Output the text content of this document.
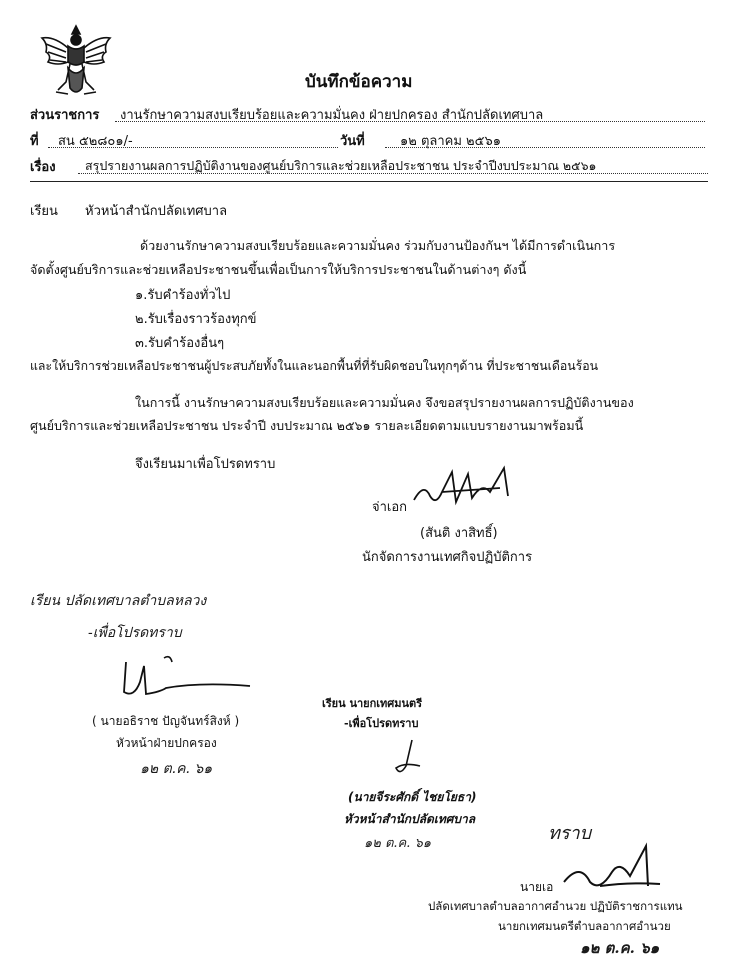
บันทึกข้อความ
ส่วนราชการ งานรักษาความสงบเรียบร้อยและความมั่นคง ฝ่ายปกครอง สำนักปลัดเทศบาล
ที่ สน ๕๒๘๐๑/-	วันที่	๑๒ ตุลาคม ๒๕๖๑
เรื่อง สรุปรายงานผลการปฏิบัติงานของศูนย์บริการและช่วยเหลือประชาชน ประจำปีงบประมาณ ๒๕๖๑
เรียน หัวหน้าสำนักปลัดเทศบาล
ด้วยงานรักษาความสงบเรียบร้อยและความมั่นคง ร่วมกับงานป้องกันฯ ได้มีการดำเนินการ
จัดตั้งศูนย์บริการและช่วยเหลือประชาชนขึ้นเพื่อเป็นการให้บริการประชาชนในด้านต่างๆ ดังนี้
๑.รับคำร้องทั่วไป
๒.รับเรื่องราวร้องทุกข์
๓.รับคำร้องอื่นๆ
และให้บริการช่วยเหลือประชาชนผู้ประสบภัยทั้งในและนอกพื้นที่ที่รับผิดชอบในทุกๆด้าน ที่ประชาชนเดือนร้อน
ในการนี้ งานรักษาความสงบเรียบร้อยและความมั่นคง จึงขอสรุปรายงานผลการปฏิบัติงานของ
ศูนย์บริการและช่วยเหลือประชาชน ประจำปี งบประมาณ ๒๕๖๑ รายละเอียดตามแบบรายงานมาพร้อมนี้
จึงเรียนมาเพื่อโปรดทราบ
จ่าเอก
(สันติ งาสิทธิ์)
นักจัดการงานเทศกิจปฏิบัติการ
เรียน ปลัดเทศบาลตำบลหลวง
-เพื่อโปรดทราบ
( นายอธิราช ปัญจันทร์สิงห์ )
หัวหน้าฝ่ายปกครอง
๑๒ ต.ค. ๖๑
เรียน นายกเทศมนตรี
-เพื่อโปรดทราบ
(นายจีระศักดิ์ ไชยโยธา)
หัวหน้าสำนักปลัดเทศบาล
๑๒ ต.ค. ๖๑	ทราบ
นายเอ
ปลัดเทศบาลตำบลอากาศอำนวย ปฏิบัติราชการแทน
นายกเทศมนตรีตำบลอากาศอำนวย
๑๒ ต.ค. ๖๑
